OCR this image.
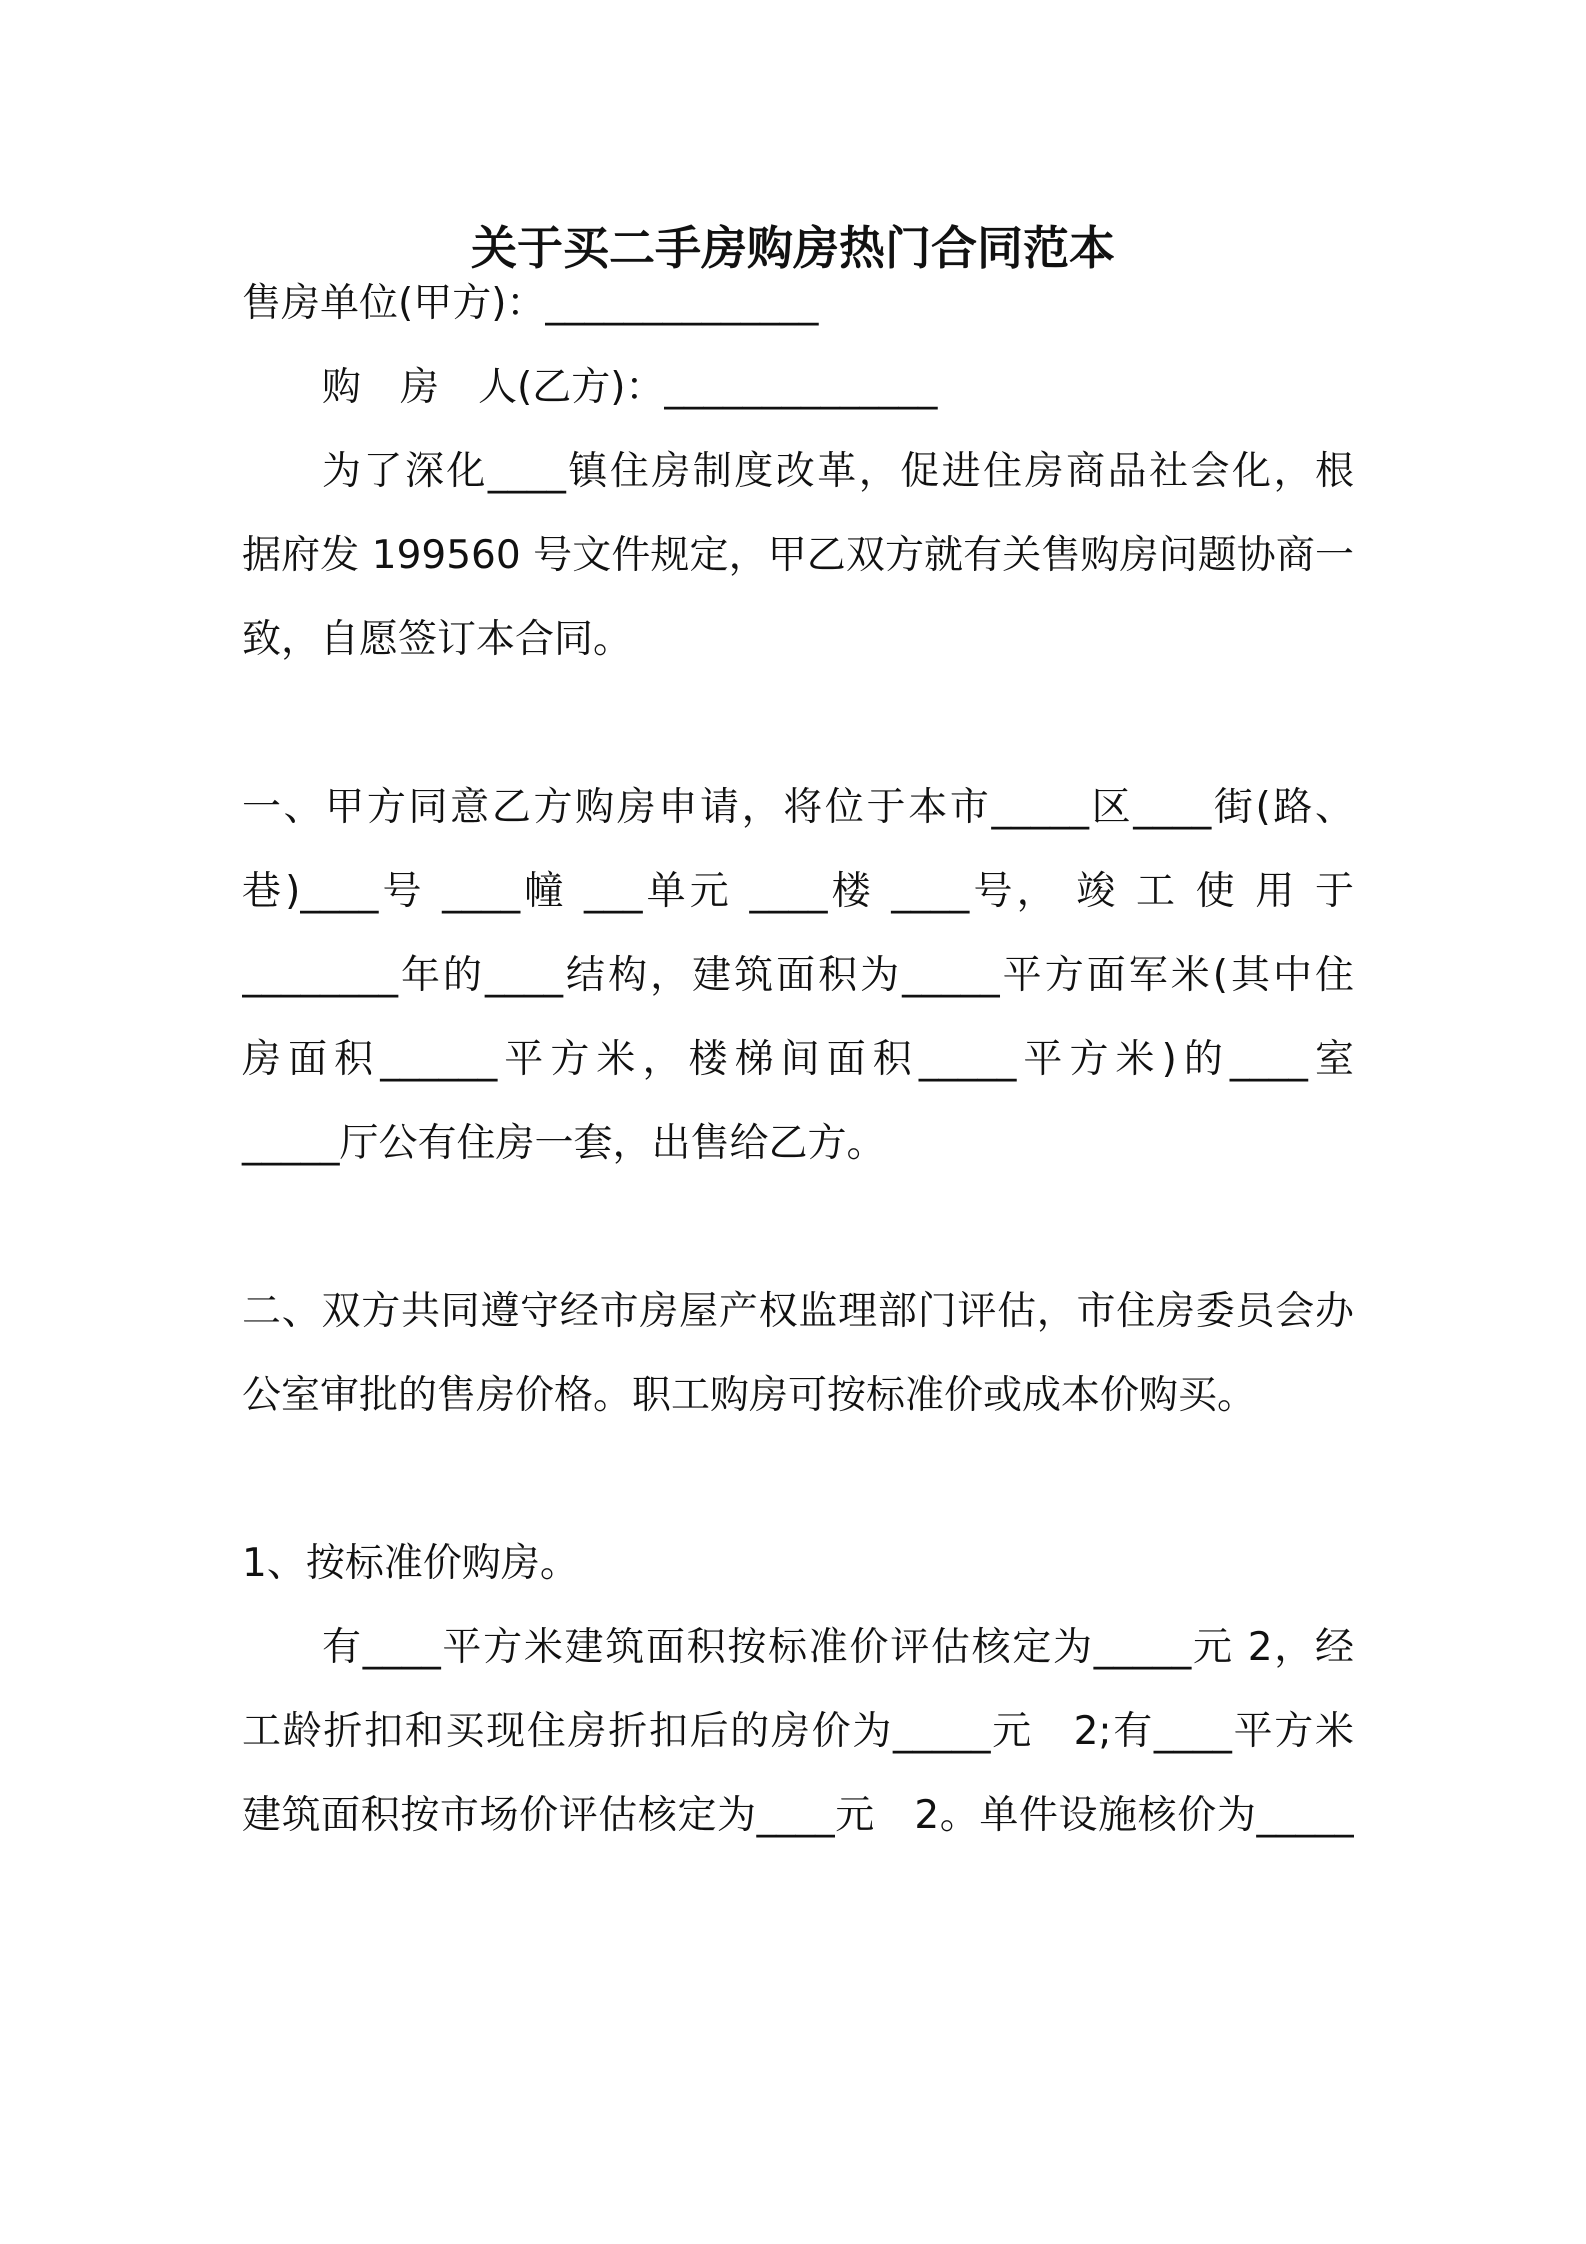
关于买二手房购房热门合同范本
售房单位(甲方)：______________
购　房　人(乙方)：______________
为了深化____镇住房制度改革，促进住房商品社会化，根
据府发 199560 号文件规定，甲乙双方就有关售购房问题协商一
致，自愿签订本合同。
一、甲方同意乙方购房申请，将位于本市_____区____街(路、
巷)____号 ____幢 ___单元 ____楼 ____号， 竣 工 使 用 于
________年的____结构，建筑面积为_____平方面军米(其中住
房面积______平方米，楼梯间面积_____平方米)的____室
_____厅公有住房一套，出售给乙方。
二、双方共同遵守经市房屋产权监理部门评估，市住房委员会办
公室审批的售房价格。职工购房可按标准价或成本价购买。
1、按标准价购房。
有____平方米建筑面积按标准价评估核定为_____元 2，经
工龄折扣和买现住房折扣后的房价为_____元　2;有____平方米
建筑面积按市场价评估核定为____元　2。单件设施核价为_____
